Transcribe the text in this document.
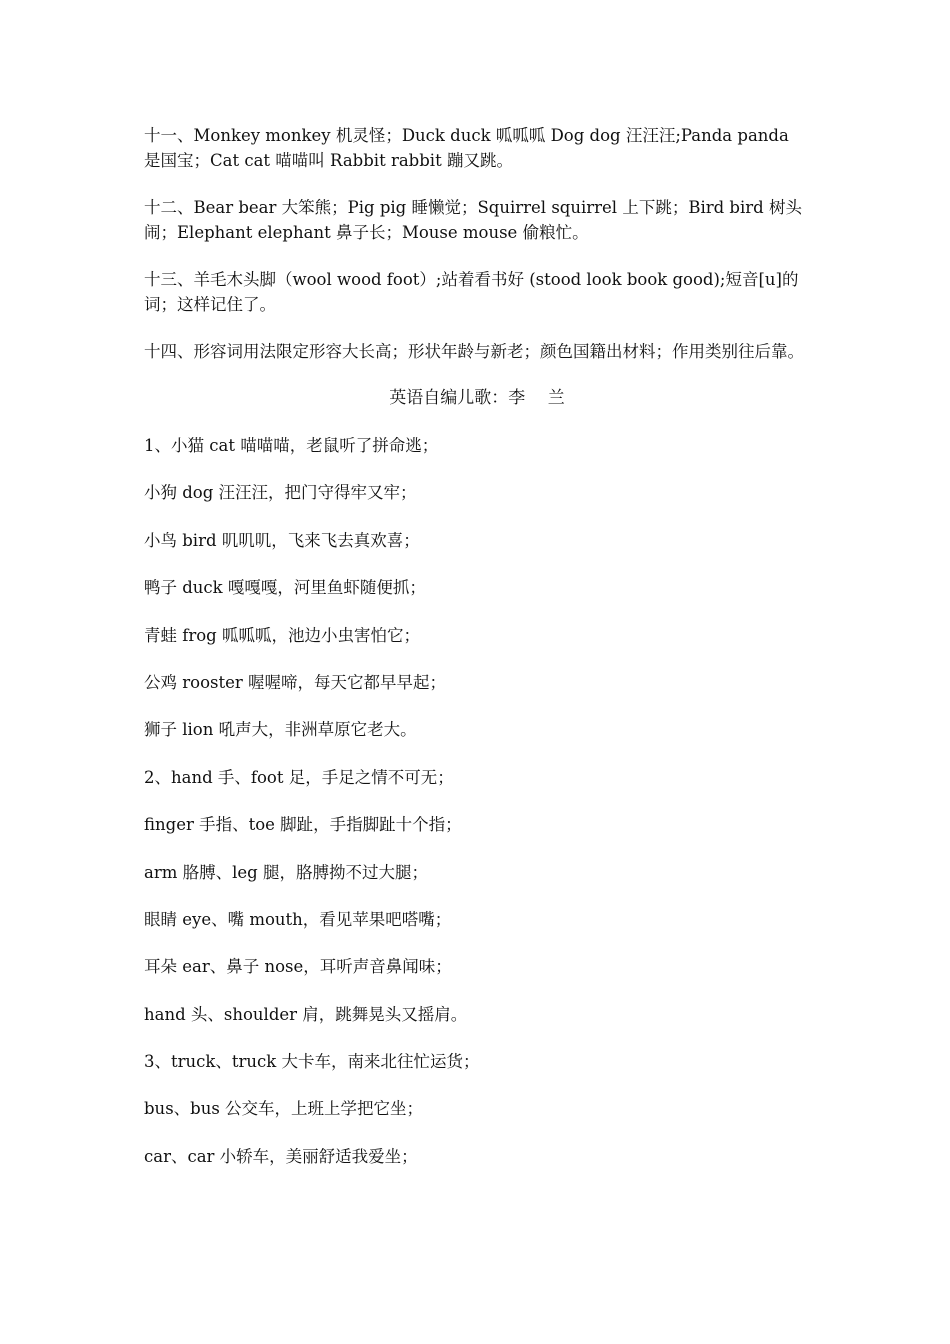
十一、Monkey monkey 机灵怪；Duck duck 呱呱呱 Dog dog 汪汪汪;Panda panda 是国宝；Cat cat 喵喵叫 Rabbit rabbit 蹦又跳。

十二、Bear bear 大笨熊；Pig pig 睡懒觉；Squirrel squirrel 上下跳；Bird bird 树头闹；Elephant elephant 鼻子长；Mouse mouse 偷粮忙。

十三、羊毛木头脚（wool wood foot）;站着看书好 (stood look book good);短音[u]的词；这样记住了。

十四、形容词用法限定形容大长高；形状年龄与新老；颜色国籍出材料；作用类别往后靠。

英语自编儿歌：李　 兰

1、小猫 cat 喵喵喵，老鼠听了拼命逃；

小狗 dog 汪汪汪，把门守得牢又牢；

小鸟 bird 叽叽叽，飞来飞去真欢喜；

鸭子 duck 嘎嘎嘎，河里鱼虾随便抓；

青蛙 frog 呱呱呱，池边小虫害怕它；

公鸡 rooster 喔喔啼，每天它都早早起；

狮子 lion 吼声大，非洲草原它老大。

2、hand 手、foot 足，手足之情不可无；

finger 手指、toe 脚趾，手指脚趾十个指；

arm 胳膊、leg 腿，胳膊拗不过大腿；

眼睛 eye、嘴 mouth，看见苹果吧嗒嘴；

耳朵 ear、鼻子 nose，耳听声音鼻闻味；

hand 头、shoulder 肩，跳舞晃头又摇肩。

3、truck、truck 大卡车，南来北往忙运货；

bus、bus 公交车，上班上学把它坐；

car、car 小轿车，美丽舒适我爱坐；
